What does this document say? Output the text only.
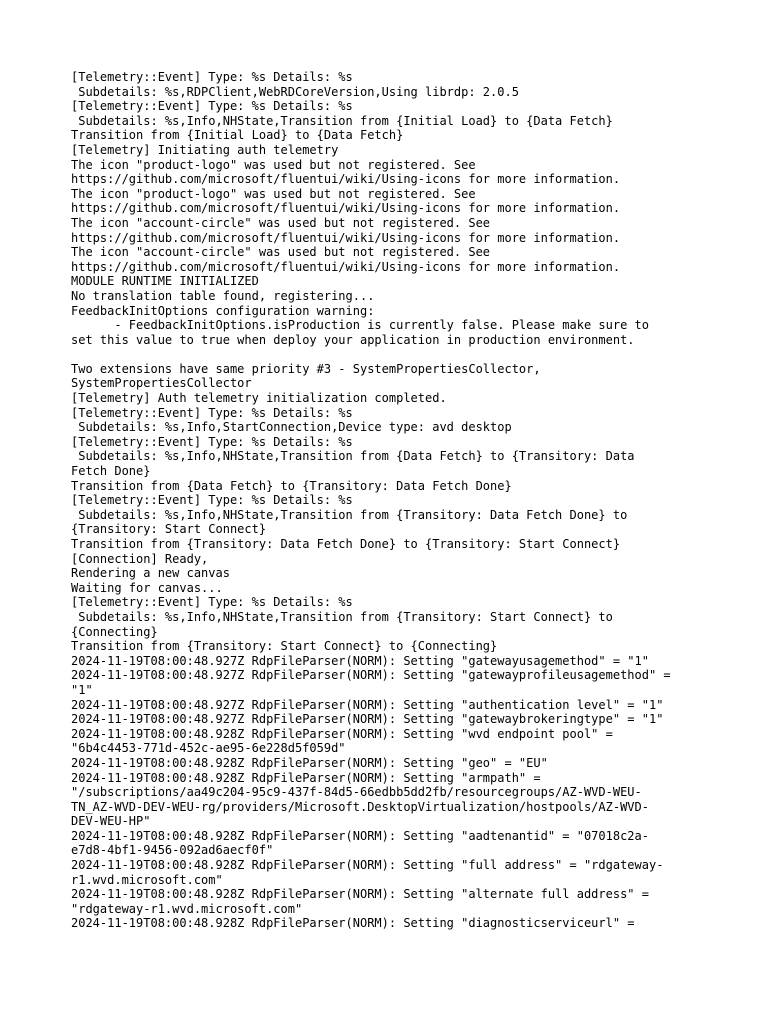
[Telemetry::Event] Type: %s Details: %s
Subdetails: %s,RDPClient,WebRDCoreVersion,Using librdp: 2.0.5
[Telemetry::Event] Type: %s Details: %s
Subdetails: %s,Info,NHState,Transition from {Initial Load} to {Data Fetch}
Transition from {Initial Load} to {Data Fetch}
[Telemetry] Initiating auth telemetry
The icon "product-logo" was used but not registered. See
https://github.com/microsoft/fluentui/wiki/Using-icons for more information.
The icon "product-logo" was used but not registered. See
https://github.com/microsoft/fluentui/wiki/Using-icons for more information.
The icon "account-circle" was used but not registered. See
https://github.com/microsoft/fluentui/wiki/Using-icons for more information.
The icon "account-circle" was used but not registered. See
https://github.com/microsoft/fluentui/wiki/Using-icons for more information.
MODULE RUNTIME INITIALIZED
No translation table found, registering...
FeedbackInitOptions configuration warning:
- FeedbackInitOptions.isProduction is currently false. Please make sure to
set this value to true when deploy your application in production environment.
Two extensions have same priority #3 - SystemPropertiesCollector,
SystemPropertiesCollector
[Telemetry] Auth telemetry initialization completed.
[Telemetry::Event] Type: %s Details: %s
Subdetails: %s,Info,StartConnection,Device type: avd desktop
[Telemetry::Event] Type: %s Details: %s
Subdetails: %s,Info,NHState,Transition from {Data Fetch} to {Transitory: Data
Fetch Done}
Transition from {Data Fetch} to {Transitory: Data Fetch Done}
[Telemetry::Event] Type: %s Details: %s
Subdetails: %s,Info,NHState,Transition from {Transitory: Data Fetch Done} to
{Transitory: Start Connect}
Transition from {Transitory: Data Fetch Done} to {Transitory: Start Connect}
[Connection] Ready,
Rendering a new canvas
Waiting for canvas...
[Telemetry::Event] Type: %s Details: %s
Subdetails: %s,Info,NHState,Transition from {Transitory: Start Connect} to
{Connecting}
Transition from {Transitory: Start Connect} to {Connecting}
2024-11-19T08:00:48.927Z RdpFileParser(NORM): Setting "gatewayusagemethod" = "1"
2024-11-19T08:00:48.927Z RdpFileParser(NORM): Setting "gatewayprofileusagemethod" =
"1"
2024-11-19T08:00:48.927Z RdpFileParser(NORM): Setting "authentication level" = "1"
2024-11-19T08:00:48.927Z RdpFileParser(NORM): Setting "gatewaybrokeringtype" = "1"
2024-11-19T08:00:48.928Z RdpFileParser(NORM): Setting "wvd endpoint pool" =
"6b4c4453-771d-452c-ae95-6e228d5f059d"
2024-11-19T08:00:48.928Z RdpFileParser(NORM): Setting "geo" = "EU"
2024-11-19T08:00:48.928Z RdpFileParser(NORM): Setting "armpath" =
"/subscriptions/aa49c204-95c9-437f-84d5-66edbb5dd2fb/resourcegroups/AZ-WVD-WEU-
TN_AZ-WVD-DEV-WEU-rg/providers/Microsoft.DesktopVirtualization/hostpools/AZ-WVD-
DEV-WEU-HP"
2024-11-19T08:00:48.928Z RdpFileParser(NORM): Setting "aadtenantid" = "07018c2a-
e7d8-4bf1-9456-092ad6aecf0f"
2024-11-19T08:00:48.928Z RdpFileParser(NORM): Setting "full address" = "rdgateway-
r1.wvd.microsoft.com"
2024-11-19T08:00:48.928Z RdpFileParser(NORM): Setting "alternate full address" =
"rdgateway-r1.wvd.microsoft.com"
2024-11-19T08:00:48.928Z RdpFileParser(NORM): Setting "diagnosticserviceurl" =
